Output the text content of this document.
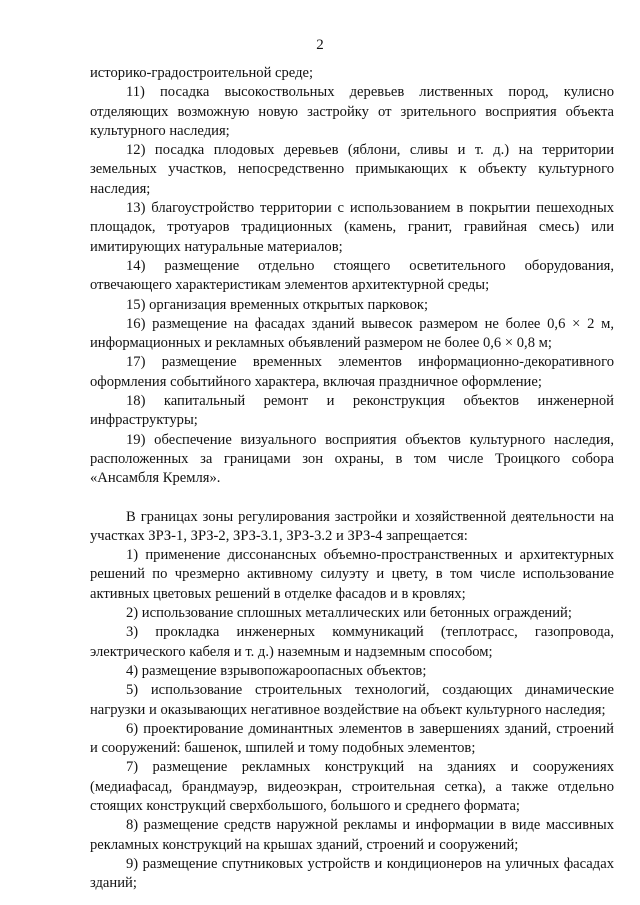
2

историко-градостроительной среде;

11) посадка высокоствольных деревьев лиственных пород, кулисно отделяющих возможную новую застройку от зрительного восприятия объекта культурного наследия;

12) посадка плодовых деревьев (яблони, сливы и т. д.) на территории земельных участков, непосредственно примыкающих к объекту культурного наследия;

13) благоустройство территории с использованием в покрытии пешеходных площадок, тротуаров традиционных (камень, гранит, гравийная смесь) или имитирующих натуральные материалов;

14) размещение отдельно стоящего осветительного оборудования, отвечающего характеристикам элементов архитектурной среды;

15) организация временных открытых парковок;

16) размещение на фасадах зданий вывесок размером не более 0,6 × 2 м, информационных и рекламных объявлений размером не более 0,6 × 0,8 м;

17) размещение временных элементов информационно-декоративного оформления событийного характера, включая праздничное оформление;

18) капитальный ремонт и реконструкция объектов инженерной инфраструктуры;

19) обеспечение визуального восприятия объектов культурного наследия, расположенных за границами зон охраны, в том числе Троицкого собора «Ансамбля Кремля».

В границах зоны регулирования застройки и хозяйственной деятельности на участках ЗРЗ-1, ЗРЗ-2, ЗРЗ-3.1, ЗРЗ-3.2 и ЗРЗ-4 запрещается:

1) применение диссонансных объемно-пространственных и архитектурных решений по чрезмерно активному силуэту и цвету, в том числе использование активных цветовых решений в отделке фасадов и в кровлях;

2) использование сплошных металлических или бетонных ограждений;

3) прокладка инженерных коммуникаций (теплотрасс, газопровода, электрического кабеля и т. д.) наземным и надземным способом;

4) размещение взрывопожароопасных объектов;

5) использование строительных технологий, создающих динамические нагрузки и оказывающих негативное воздействие на объект культурного наследия;

6) проектирование доминантных элементов в завершениях зданий, строений и сооружений: башенок, шпилей и тому подобных элементов;

7) размещение рекламных конструкций на зданиях и сооружениях (медиафасад, брандмауэр, видеоэкран, строительная сетка), а также отдельно стоящих конструкций сверхбольшого, большого и среднего формата;

8) размещение средств наружной рекламы и информации в виде массивных рекламных конструкций на крышах зданий, строений и сооружений;

9) размещение спутниковых устройств и кондиционеров на уличных фасадах зданий;
